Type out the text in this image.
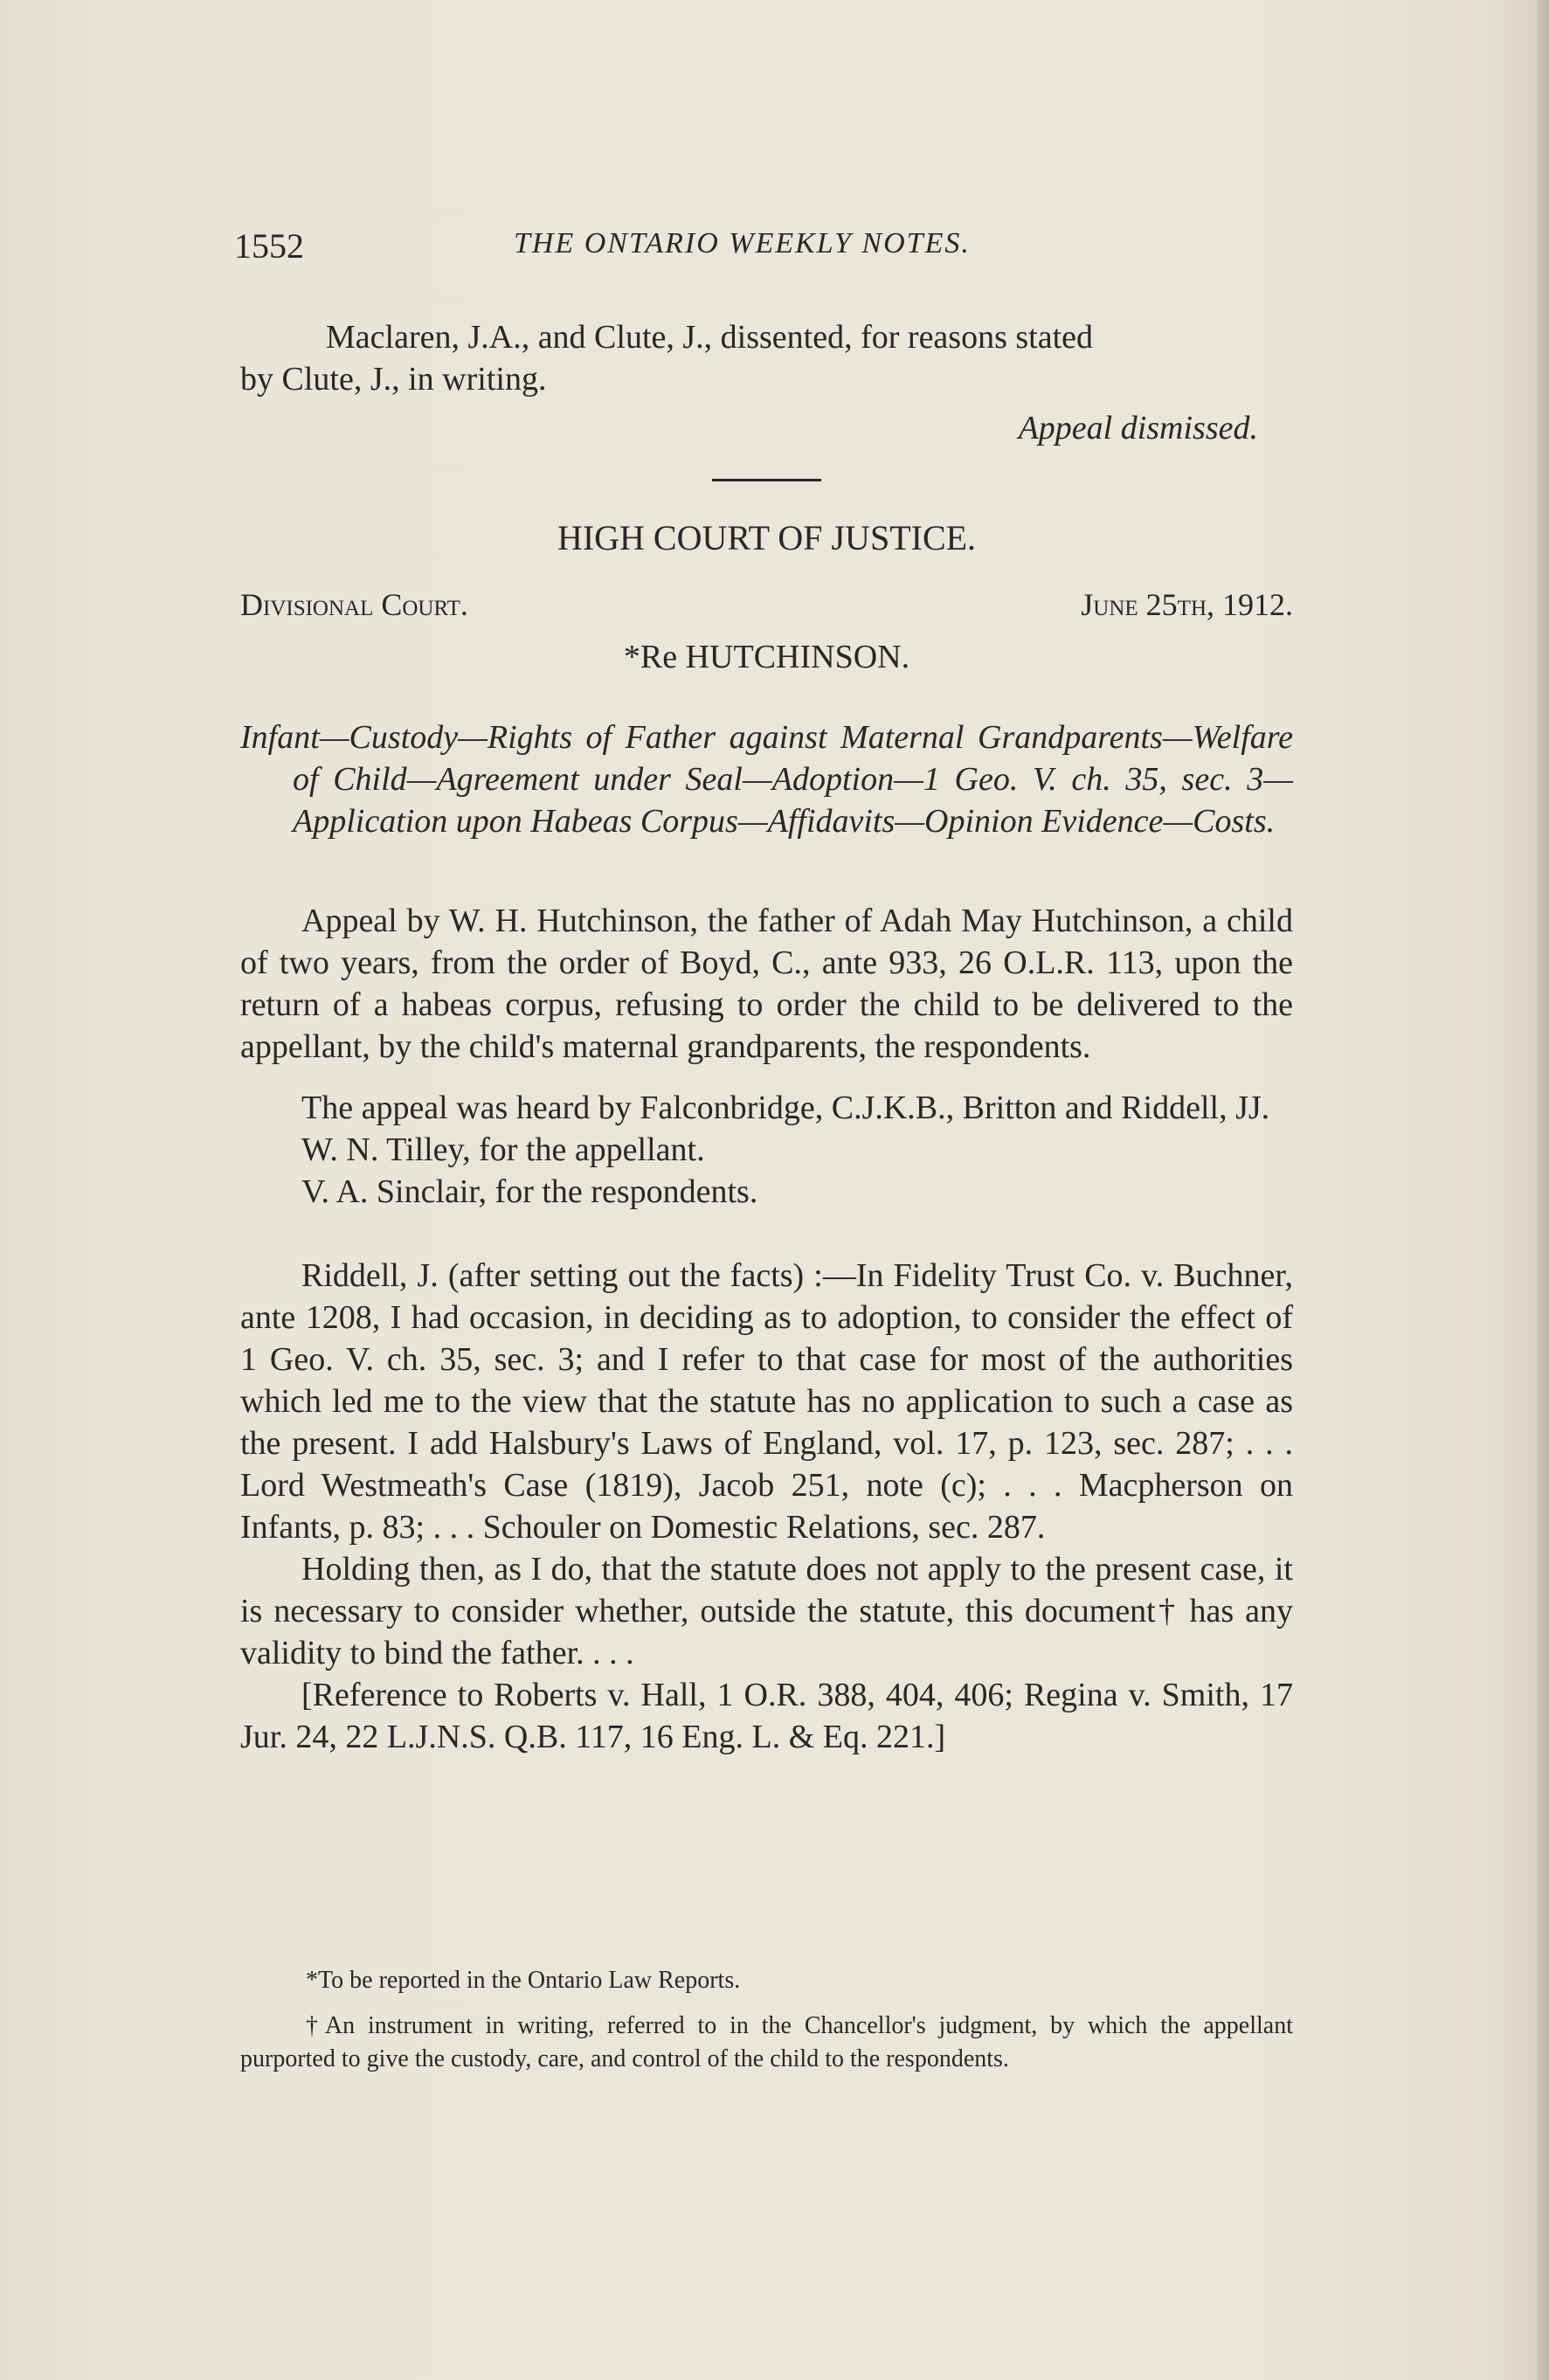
1552	THE ONTARIO WEEKLY NOTES.

Maclaren, J.A., and Clute, J., dissented, for reasons stated

by Clute, J., in writing.

Appeal dismissed.

HIGH COURT OF JUSTICE.

Divisional Court.	June 25th, 1912.

*Re HUTCHINSON.

Infant—Custody—Rights of Father against Maternal Grandparents—Welfare of Child—Agreement under Seal—Adoption—1 Geo. V. ch. 35, sec. 3—Application upon Habeas Corpus—Affidavits—Opinion Evidence—Costs.

Appeal by W. H. Hutchinson, the father of Adah May Hutchinson, a child of two years, from the order of Boyd, C., ante 933, 26 O.L.R. 113, upon the return of a habeas corpus, refusing to order the child to be delivered to the appellant, by the child's maternal grandparents, the respondents.

The appeal was heard by Falconbridge, C.J.K.B., Britton and Riddell, JJ.

W. N. Tilley, for the appellant.

V. A. Sinclair, for the respondents.

Riddell, J. (after setting out the facts) :—In Fidelity Trust Co. v. Buchner, ante 1208, I had occasion, in deciding as to adoption, to consider the effect of 1 Geo. V. ch. 35, sec. 3; and I refer to that case for most of the authorities which led me to the view that the statute has no application to such a case as the present. I add Halsbury's Laws of England, vol. 17, p. 123, sec. 287; . . . Lord Westmeath's Case (1819), Jacob 251, note (c); . . . Macpherson on Infants, p. 83; . . . Schouler on Domestic Relations, sec. 287.

Holding then, as I do, that the statute does not apply to the present case, it is necessary to consider whether, outside the statute, this document† has any validity to bind the father. . . .

[Reference to Roberts v. Hall, 1 O.R. 388, 404, 406; Regina v. Smith, 17 Jur. 24, 22 L.J.N.S. Q.B. 117, 16 Eng. L. & Eq. 221.]

*To be reported in the Ontario Law Reports.

†An instrument in writing, referred to in the Chancellor's judgment, by which the appellant purported to give the custody, care, and control of the child to the respondents.
